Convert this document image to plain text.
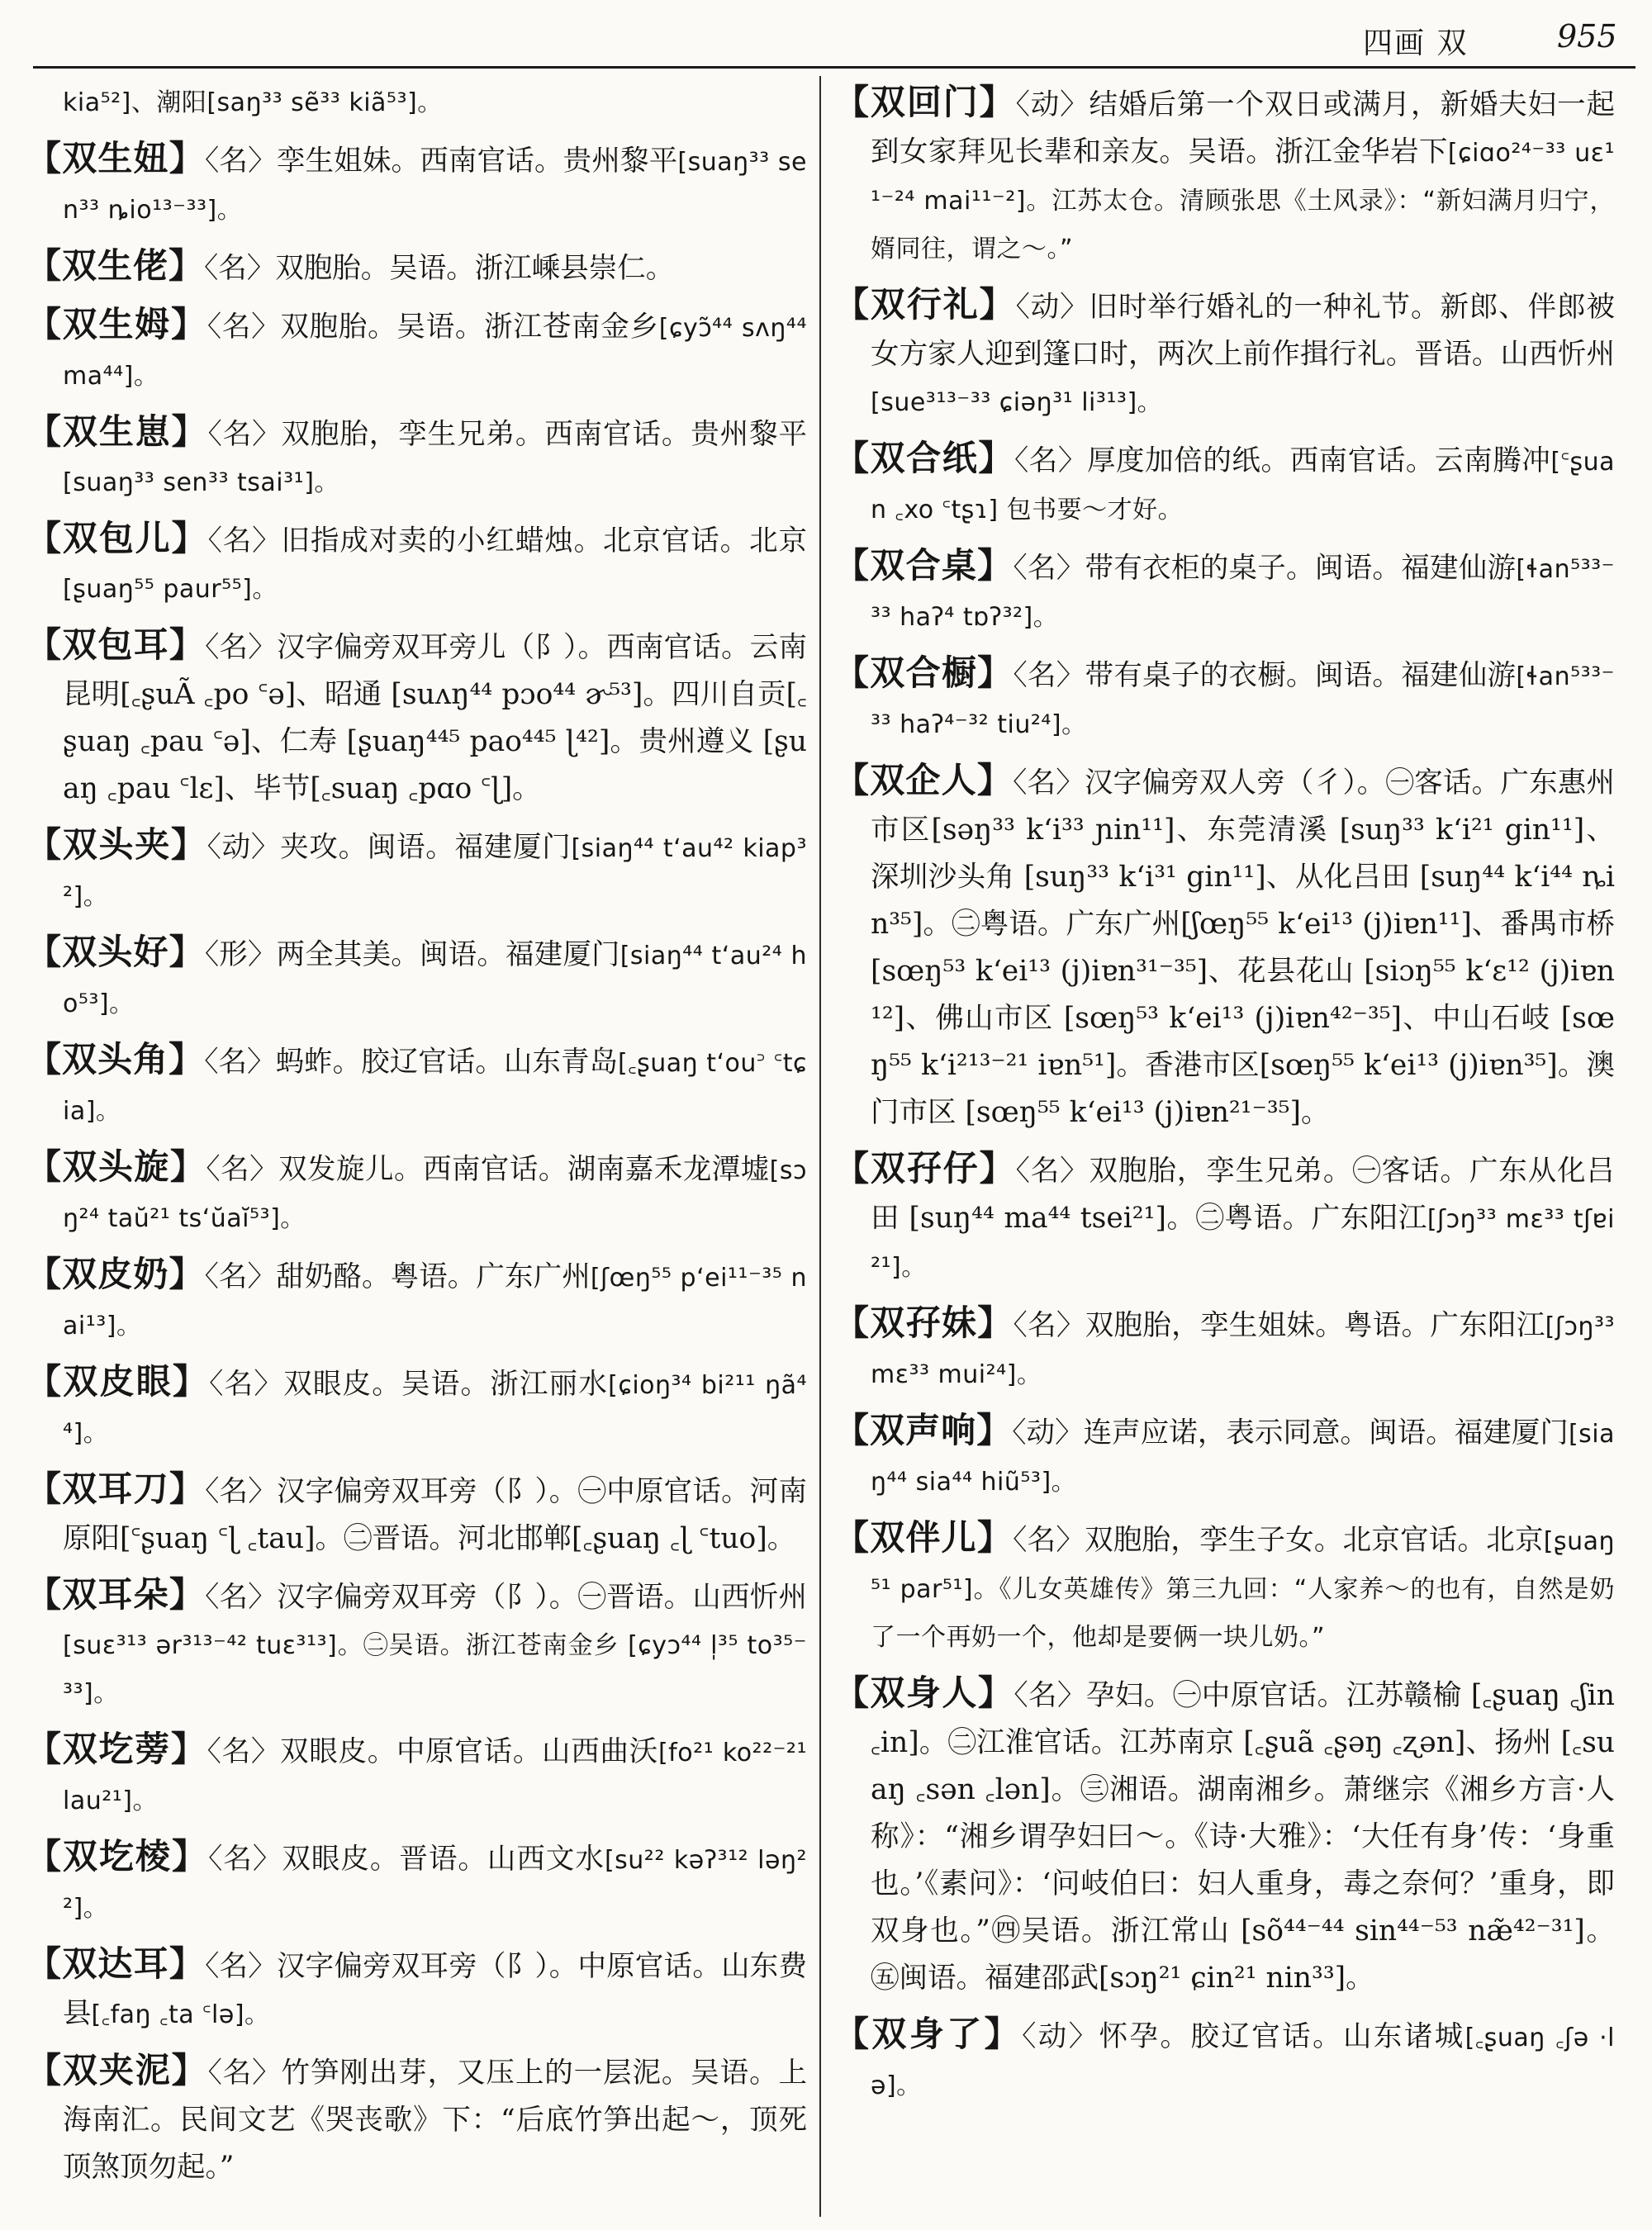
四画 双	955

kia⁵²]、潮阳[saŋ³³ sẽ³³ kiã⁵³]。

【双生妞】〈名〉孪生姐妹。西南官话。贵州黎平[suaŋ³³ sen³³ ȵio¹³⁻³³]。

【双生佬】〈名〉双胞胎。吴语。浙江嵊县崇仁。

【双生姆】〈名〉双胞胎。吴语。浙江苍南金乡[ɕyɔ̃⁴⁴ sʌŋ⁴⁴ ma⁴⁴]。

【双生崽】〈名〉双胞胎，孪生兄弟。西南官话。贵州黎平[suaŋ³³ sen³³ tsai³¹]。

【双包儿】〈名〉旧指成对卖的小红蜡烛。北京官话。北京[ʂuaŋ⁵⁵ paur⁵⁵]。

【双包耳】〈名〉汉字偏旁双耳旁儿（阝）。西南官话。云南昆明[꜀ʂuÃ ꜀po ꜂ə]、昭通 [suʌŋ⁴⁴ pɔo⁴⁴ ɚ⁵³]。四川自贡[꜀ʂuaŋ ꜀pau ꜂ə]、仁寿 [ʂuaŋ⁴⁴⁵ pao⁴⁴⁵ ɭ⁴²]。贵州遵义 [ʂuaŋ ꜀pau ꜂lɛ]、毕节[꜀suaŋ ꜀pɑo ꜂ɭ]。

【双头夹】〈动〉夹攻。闽语。福建厦门[siaŋ⁴⁴ tʻau⁴² kiap³²]。

【双头好】〈形〉两全其美。闽语。福建厦门[siaŋ⁴⁴ tʻau²⁴ ho⁵³]。

【双头角】〈名〉蚂蚱。胶辽官话。山东青岛[꜀ʂuaŋ tʻou꜄ ꜂tɕia]。

【双头旋】〈名〉双发旋儿。西南官话。湖南嘉禾龙潭墟[sɔŋ²⁴ taŭ²¹ tsʻŭaĭ⁵³]。

【双皮奶】〈名〉甜奶酪。粤语。广东广州[ʃœŋ⁵⁵ pʻei¹¹⁻³⁵ nai¹³]。

【双皮眼】〈名〉双眼皮。吴语。浙江丽水[ɕioŋ³⁴ bi²¹¹ ŋã⁴⁴]。

【双耳刀】〈名〉汉字偏旁双耳旁（阝）。㊀中原官话。河南原阳[꜂ʂuaŋ ꜂ɭ ꜀tau]。㊁晋语。河北邯郸[꜀ʂuaŋ ꜀ɭ ꜂tuo]。

【双耳朵】〈名〉汉字偏旁双耳旁（阝）。㊀晋语。山西忻州[suɛ³¹³ ər³¹³⁻⁴² tuɛ³¹³]。㊁吴语。浙江苍南金乡 [ɕyɔ⁴⁴ l̩³⁵ to³⁵⁻³³]。

【双圪蒡】〈名〉双眼皮。中原官话。山西曲沃[fo²¹ ko²²⁻²¹ lau²¹]。

【双圪棱】〈名〉双眼皮。晋语。山西文水[su²² kəʔ³¹² ləŋ²²]。

【双达耳】〈名〉汉字偏旁双耳旁（阝）。中原官话。山东费县[꜀faŋ ꜀ta ꜂lə]。

【双夹泥】〈名〉竹笋刚出芽，又压上的一层泥。吴语。上海南汇。民间文艺《哭丧歌》下：“后底竹笋出起～，顶死顶煞顶勿起。”

【双回门】〈动〉结婚后第一个双日或满月，新婚夫妇一起到女家拜见长辈和亲友。吴语。浙江金华岩下[ɕiɑo²⁴⁻³³ uɛ¹¹⁻²⁴ mai¹¹⁻²]。江苏太仓。清顾张思《土风录》：“新妇满月归宁，婿同往，谓之～。”

【双行礼】〈动〉旧时举行婚礼的一种礼节。新郎、伴郎被女方家人迎到篷口时，两次上前作揖行礼。晋语。山西忻州[sue³¹³⁻³³ ɕiəŋ³¹ li³¹³]。

【双合纸】〈名〉厚度加倍的纸。西南官话。云南腾冲[꜂ʂuan ꜀xo ꜂tʂɿ] 包书要～才好。

【双合桌】〈名〉带有衣柜的桌子。闽语。福建仙游[ɬan⁵³³⁻³³ haʔ⁴ tɒʔ³²]。

【双合橱】〈名〉带有桌子的衣橱。闽语。福建仙游[ɬan⁵³³⁻³³ haʔ⁴⁻³² tiu²⁴]。

【双企人】〈名〉汉字偏旁双人旁（彳）。㊀客话。广东惠州市区[səŋ³³ kʻi³³ ɲin¹¹]、东莞清溪 [suŋ³³ kʻi²¹ gin¹¹]、深圳沙头角 [suŋ³³ kʻi³¹ gin¹¹]、从化吕田 [suŋ⁴⁴ kʻi⁴⁴ ȵin³⁵]。㊁粤语。广东广州[ʃœŋ⁵⁵ kʻei¹³ (j)iɐn¹¹]、番禺市桥 [sœŋ⁵³ kʻei¹³ (j)iɐn³¹⁻³⁵]、花县花山 [siɔŋ⁵⁵ kʻɛ¹² (j)iɐn¹²]、佛山市区 [sœŋ⁵³ kʻei¹³ (j)iɐn⁴²⁻³⁵]、中山石岐 [sœŋ⁵⁵ kʻi²¹³⁻²¹ iɐn⁵¹]。香港市区[sœŋ⁵⁵ kʻei¹³ (j)iɐn³⁵]。澳门市区 [sœŋ⁵⁵ kʻei¹³ (j)iɐn²¹⁻³⁵]。

【双孖仔】〈名〉双胞胎，孪生兄弟。㊀客话。广东从化吕田 [suŋ⁴⁴ ma⁴⁴ tsei²¹]。㊁粤语。广东阳江[ʃɔŋ³³ mɛ³³ tʃɐi²¹]。

【双孖妹】〈名〉双胞胎，孪生姐妹。粤语。广东阳江[ʃɔŋ³³ mɛ³³ mui²⁴]。

【双声响】〈动〉连声应诺，表示同意。闽语。福建厦门[siaŋ⁴⁴ sia⁴⁴ hiũ⁵³]。

【双伴儿】〈名〉双胞胎，孪生子女。北京官话。北京[ʂuaŋ⁵¹ par⁵¹]。《儿女英雄传》第三九回：“人家养～的也有，自然是奶了一个再奶一个，他却是要俩一块儿奶。”

【双身人】〈名〉孕妇。㊀中原官话。江苏赣榆 [꜀ʂuaŋ ꜀ʃin ꜀in]。㊁江淮官话。江苏南京 [꜀ʂuã ꜀ʂəŋ ꜀ʐən]、扬州 [꜀suaŋ ꜀sən ꜀lən]。㊂湘语。湖南湘乡。萧继宗《湘乡方言·人称》：“湘乡谓孕妇曰～。《诗·大雅》：‘大任有身’传：‘身重也。’《素问》：‘问岐伯曰：妇人重身，毒之奈何？’重身，即双身也。”㊃吴语。浙江常山 [sõ⁴⁴⁻⁴⁴ sin⁴⁴⁻⁵³ næ̃⁴²⁻³¹]。㊄闽语。福建邵武[sɔŋ²¹ ɕin²¹ nin³³]。

【双身了】〈动〉怀孕。胶辽官话。山东诸城[꜀ʂuaŋ ꜀ʃə ·lə]。
